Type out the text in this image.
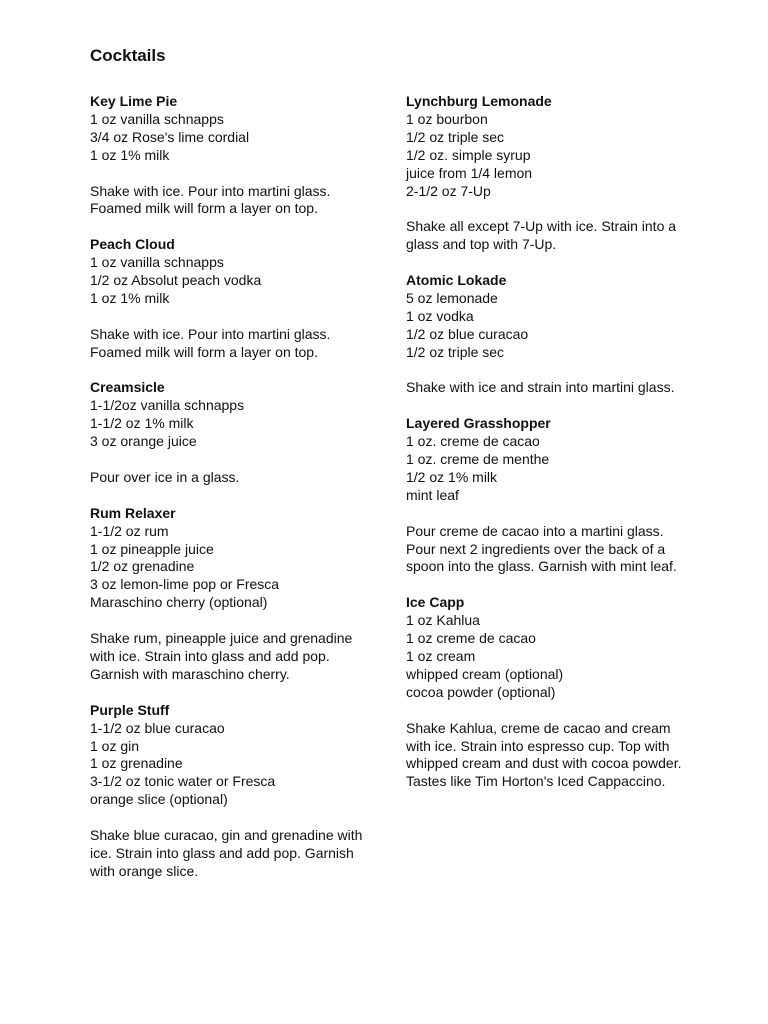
Cocktails
Key Lime Pie
1 oz vanilla schnapps
3/4 oz Rose's lime cordial
1 oz 1% milk

Shake with ice. Pour into martini glass. Foamed milk will form a layer on top.

Peach Cloud
1 oz vanilla schnapps
1/2 oz Absolut peach vodka
1 oz 1% milk

Shake with ice. Pour into martini glass. Foamed milk will form a layer on top.

Creamsicle
1-1/2oz vanilla schnapps
1-1/2 oz 1% milk
3 oz orange juice

Pour over ice in a glass.

Rum Relaxer
1-1/2 oz rum
1 oz pineapple juice
1/2 oz grenadine
3 oz lemon-lime pop or Fresca
Maraschino cherry (optional)

Shake rum, pineapple juice and grenadine with ice. Strain into glass and add pop. Garnish with maraschino cherry.

Purple Stuff
1-1/2 oz blue curacao
1 oz gin
1 oz grenadine
3-1/2 oz tonic water or Fresca
orange slice (optional)

Shake blue curacao, gin and grenadine with ice. Strain into glass and add pop. Garnish with orange slice.

Lynchburg Lemonade
1 oz bourbon
1/2 oz triple sec
1/2 oz. simple syrup
juice from 1/4 lemon
2-1/2 oz 7-Up

Shake all except 7-Up with ice. Strain into a glass and top with 7-Up.

Atomic Lokade
5 oz lemonade
1 oz vodka
1/2 oz blue curacao
1/2 oz triple sec

Shake with ice and strain into martini glass.

Layered Grasshopper
1 oz. creme de cacao
1 oz. creme de menthe
1/2 oz 1% milk
mint leaf

Pour creme de cacao into a martini glass. Pour next 2 ingredients over the back of a spoon into the glass. Garnish with mint leaf.

Ice Capp
1 oz Kahlua
1 oz creme de cacao
1 oz cream
whipped cream (optional)
cocoa powder (optional)

Shake Kahlua, creme de cacao and cream with ice. Strain into espresso cup. Top with whipped cream and dust with cocoa powder. Tastes like Tim Horton's Iced Cappaccino.
